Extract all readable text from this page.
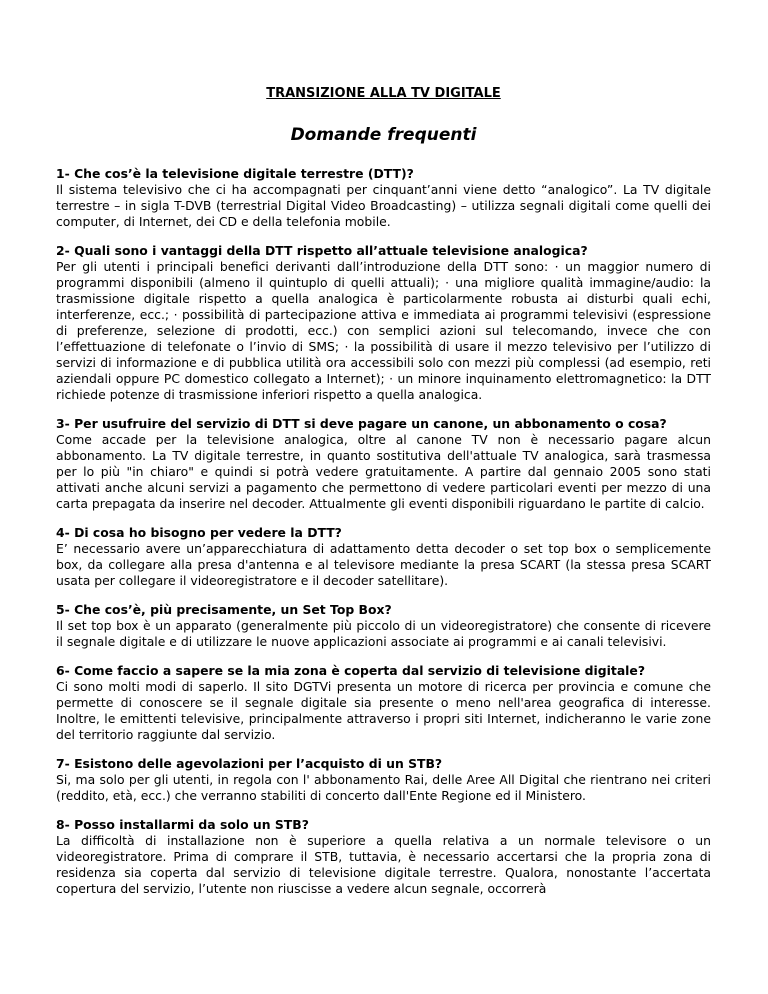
TRANSIZIONE ALLA TV DIGITALE
Domande frequenti

1- Che cos’è la televisione digitale terrestre (DTT)?

Il sistema televisivo che ci ha accompagnati per cinquant’anni viene detto “analogico”. La TV digitale terrestre – in sigla T-DVB (terrestrial Digital Video Broadcasting) – utilizza segnali digitali come quelli dei computer, di Internet, dei CD e della telefonia mobile.

2- Quali sono i vantaggi della DTT rispetto all’attuale televisione analogica?

Per gli utenti i principali benefici derivanti dall’introduzione della DTT sono: · un maggior numero di programmi disponibili (almeno il quintuplo di quelli attuali); · una migliore qualità immagine/audio: la trasmissione digitale rispetto a quella analogica è particolarmente robusta ai disturbi quali echi, interferenze, ecc.; · possibilità di partecipazione attiva e immediata ai programmi televisivi (espressione di preferenze, selezione di prodotti, ecc.) con semplici azioni sul telecomando, invece che con l’effettuazione di telefonate o l’invio di SMS; · la possibilità di usare il mezzo televisivo per l’utilizzo di servizi di informazione e di pubblica utilità ora accessibili solo con mezzi più complessi (ad esempio, reti aziendali oppure PC domestico collegato a Internet); · un minore inquinamento elettromagnetico: la DTT richiede potenze di trasmissione inferiori rispetto a quella analogica.

3- Per usufruire del servizio di DTT si deve pagare un canone, un abbonamento o cosa?

Come accade per la televisione analogica, oltre al canone TV non è necessario pagare alcun abbonamento. La TV digitale terrestre, in quanto sostitutiva dell'attuale TV analogica, sarà trasmessa per lo più "in chiaro" e quindi si potrà vedere gratuitamente. A partire dal gennaio 2005 sono stati attivati anche alcuni servizi a pagamento che permettono di vedere particolari eventi per mezzo di una carta prepagata da inserire nel decoder. Attualmente gli eventi disponibili riguardano le partite di calcio.

4- Di cosa ho bisogno per vedere la DTT?

E’ necessario avere un’apparecchiatura di adattamento detta decoder o set top box o semplicemente box, da collegare alla presa d'antenna e al televisore mediante la presa SCART (la stessa presa SCART usata per collegare il videoregistratore e il decoder satellitare).

5- Che cos’è, più precisamente, un Set Top Box?

Il set top box è un apparato (generalmente più piccolo di un videoregistratore) che consente di ricevere il segnale digitale e di utilizzare le nuove applicazioni associate ai programmi e ai canali televisivi.

6- Come faccio a sapere se la mia zona è coperta dal servizio di televisione digitale?

Ci sono molti modi di saperlo. Il sito DGTVi presenta un motore di ricerca per provincia e comune che permette di conoscere se il segnale digitale sia presente o meno nell'area geografica di interesse. Inoltre, le emittenti televisive, principalmente attraverso i propri siti Internet, indicheranno le varie zone del territorio raggiunte dal servizio.

7- Esistono delle agevolazioni per l’acquisto di un STB?

Si, ma solo per gli utenti, in regola con l' abbonamento Rai, delle Aree All Digital che rientrano nei criteri (reddito, età, ecc.) che verranno stabiliti di concerto dall'Ente Regione ed il Ministero.

8- Posso installarmi da solo un STB?

La difficoltà di installazione non è superiore a quella relativa a un normale televisore o un videoregistratore. Prima di comprare il STB, tuttavia, è necessario accertarsi che la propria zona di residenza sia coperta dal servizio di televisione digitale terrestre. Qualora, nonostante l’accertata copertura del servizio, l’utente non riuscisse a vedere alcun segnale, occorrerà
